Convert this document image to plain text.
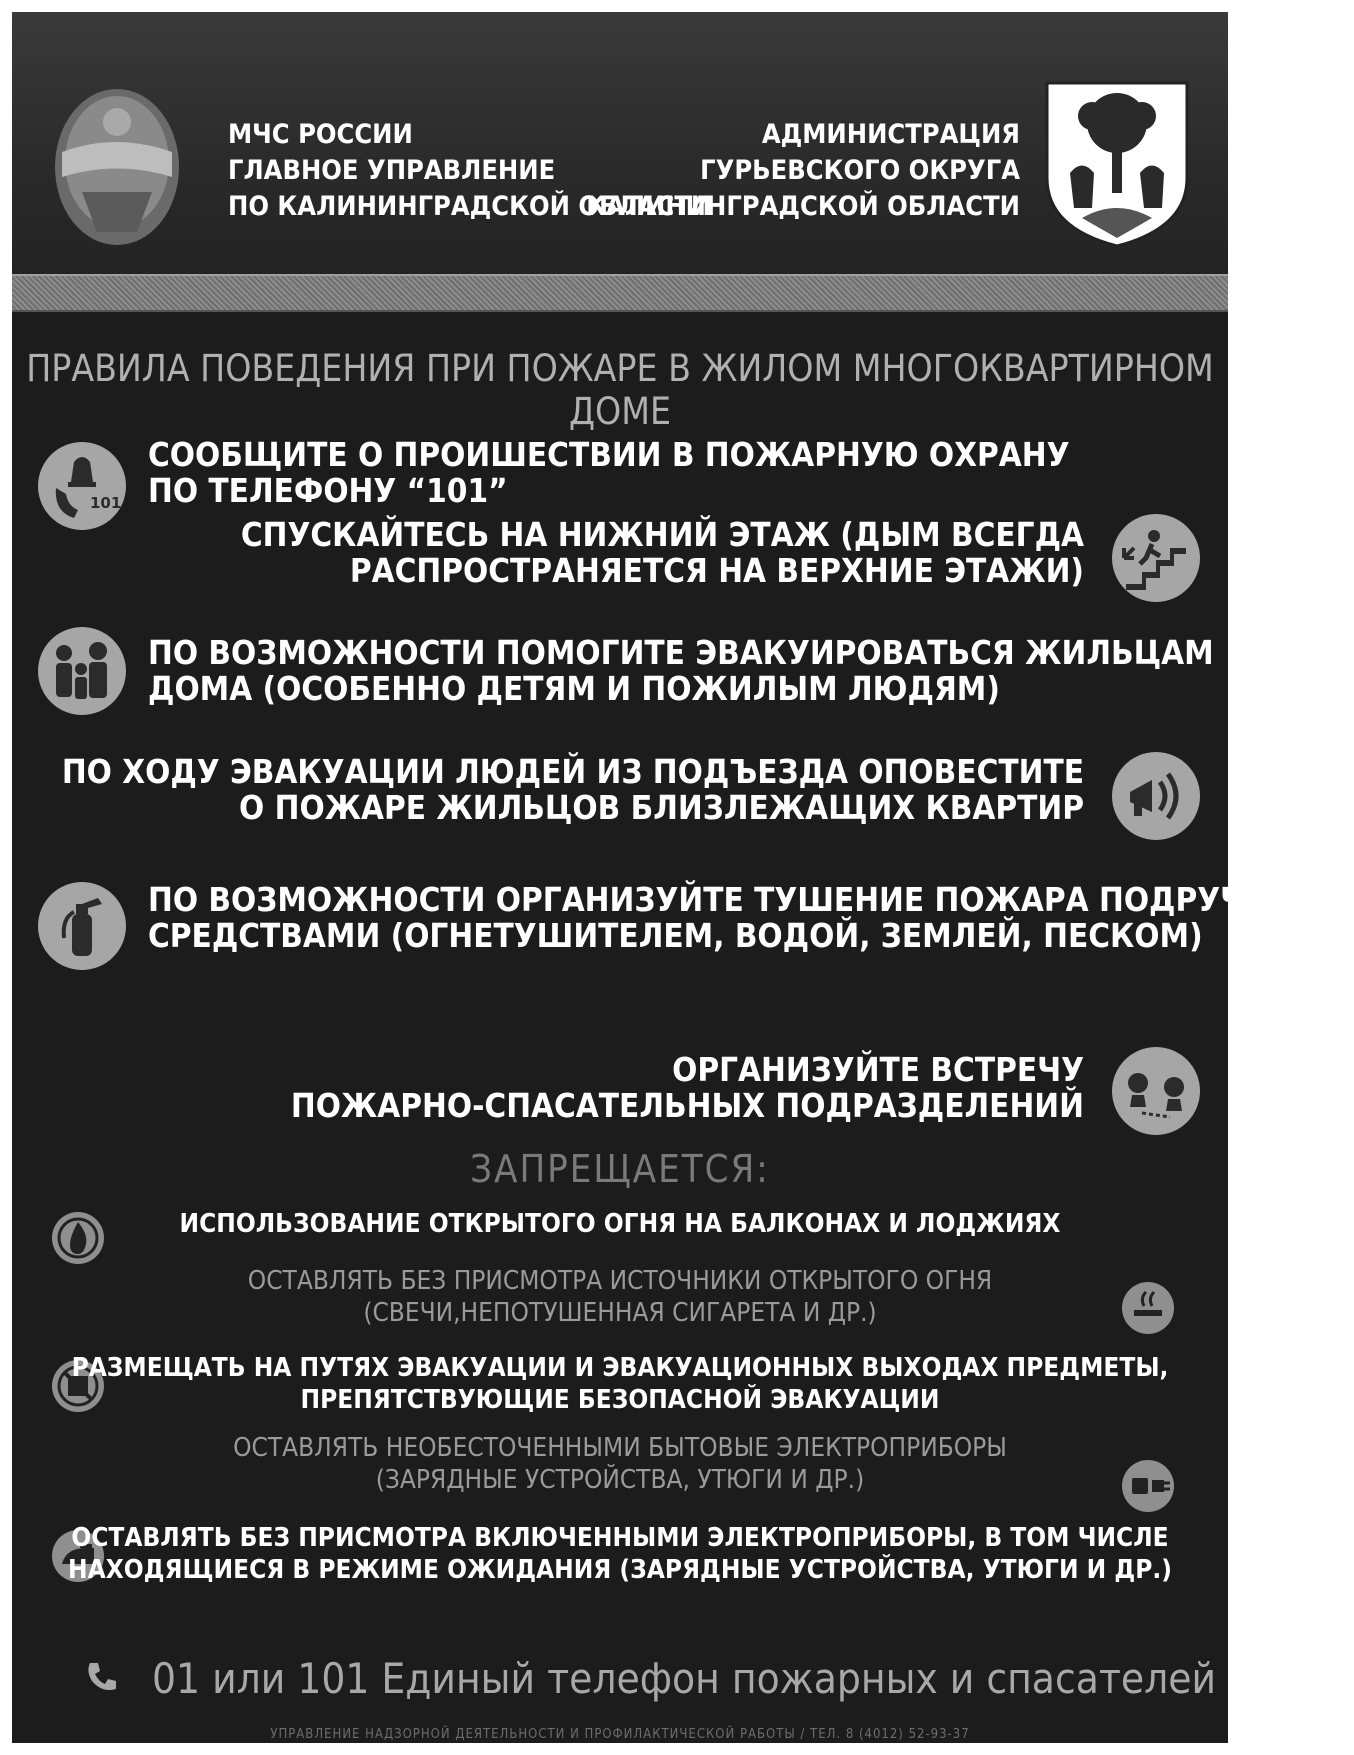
МЧС РОССИИ
ГЛАВНОЕ УПРАВЛЕНИЕ
ПО КАЛИНИНГРАДСКОЙ ОБЛАСТИ
АДМИНИСТРАЦИЯ
ГУРЬЕВСКОГО ОКРУГА
КАЛИНИНГРАДСКОЙ ОБЛАСТИ
ПРАВИЛА ПОВЕДЕНИЯ ПРИ ПОЖАРЕ В ЖИЛОМ МНОГОКВАРТИРНОМ ДОМЕ
101
СООБЩИТЕ О ПРОИШЕСТВИИ В ПОЖАРНУЮ ОХРАНУ
ПО ТЕЛЕФОНУ “101”
СПУСКАЙТЕСЬ НА НИЖНИЙ ЭТАЖ (ДЫМ ВСЕГДА
РАСПРОСТРАНЯЕТСЯ НА ВЕРХНИЕ ЭТАЖИ)
ПО ВОЗМОЖНОСТИ ПОМОГИТЕ ЭВАКУИРОВАТЬСЯ ЖИЛЬЦАМ
ДОМА (ОСОБЕННО ДЕТЯМ И ПОЖИЛЫМ ЛЮДЯМ)
ПО ХОДУ ЭВАКУАЦИИ ЛЮДЕЙ ИЗ ПОДЪЕЗДА ОПОВЕСТИТЕ
О ПОЖАРЕ ЖИЛЬЦОВ БЛИЗЛЕЖАЩИХ КВАРТИР
ПО ВОЗМОЖНОСТИ ОРГАНИЗУЙТЕ ТУШЕНИЕ ПОЖАРА ПОДРУЧНЫМИ
СРЕДСТВАМИ (ОГНЕТУШИТЕЛЕМ, ВОДОЙ, ЗЕМЛЕЙ, ПЕСКОМ)
ОРГАНИЗУЙТЕ ВСТРЕЧУ
ПОЖАРНО-СПАСАТЕЛЬНЫХ ПОДРАЗДЕЛЕНИЙ
ЗАПРЕЩАЕТСЯ:
ИСПОЛЬЗОВАНИЕ ОТКРЫТОГО ОГНЯ НА БАЛКОНАХ И ЛОДЖИЯХ
ОСТАВЛЯТЬ БЕЗ ПРИСМОТРА ИСТОЧНИКИ ОТКРЫТОГО ОГНЯ
(СВЕЧИ,НЕПОТУШЕННАЯ СИГАРЕТА И ДР.)
РАЗМЕЩАТЬ НА ПУТЯХ ЭВАКУАЦИИ И ЭВАКУАЦИОННЫХ ВЫХОДАХ ПРЕДМЕТЫ,
ПРЕПЯТСТВУЮЩИЕ БЕЗОПАСНОЙ ЭВАКУАЦИИ
ОСТАВЛЯТЬ НЕОБЕСТОЧЕННЫМИ БЫТОВЫЕ ЭЛЕКТРОПРИБОРЫ
(ЗАРЯДНЫЕ УСТРОЙСТВА, УТЮГИ И ДР.)
ОСТАВЛЯТЬ БЕЗ ПРИСМОТРА ВКЛЮЧЕННЫМИ ЭЛЕКТРОПРИБОРЫ, В ТОМ ЧИСЛЕ
НАХОДЯЩИЕСЯ В РЕЖИМЕ ОЖИДАНИЯ (ЗАРЯДНЫЕ УСТРОЙСТВА, УТЮГИ И ДР.)
01 или 101 Единый телефон пожарных и спасателей
УПРАВЛЕНИЕ НАДЗОРНОЙ ДЕЯТЕЛЬНОСТИ И ПРОФИЛАКТИЧЕСКОЙ РАБОТЫ / ТЕЛ. 8 (4012) 52-93-37
